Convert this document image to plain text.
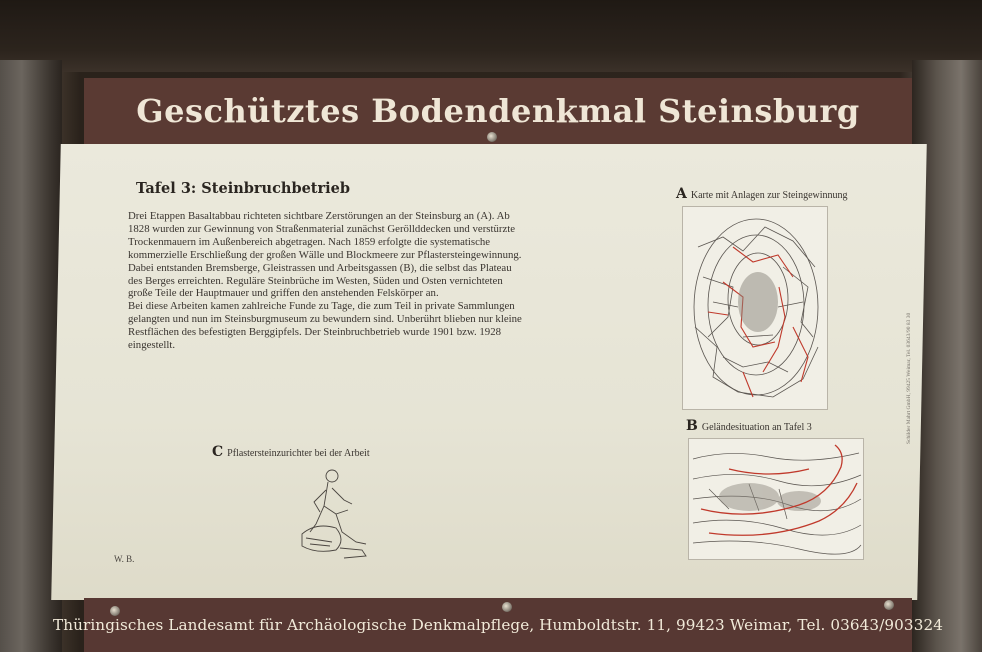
Geschütztes Bodendenkmal Steinsburg
Tafel 3: Steinbruchbetrieb

Drei Etappen Basaltabbau richteten sichtbare Zerstörungen an der Steinsburg an (A). Ab 1828 wurden zur Gewinnung von Straßenmaterial zunächst Geröllddecken und verstürzte Trockenmauern im Außenbereich abgetragen. Nach 1859 erfolgte die systematische kommerzielle Erschließung der großen Wälle und Blockmeere zur Pflastersteingewinnung. Dabei entstanden Bremsberge, Gleistrassen und Arbeitsgassen (B), die selbst das Plateau des Berges erreichten. Reguläre Steinbrüche im Westen, Süden und Osten vernichteten große Teile der Hauptmauer und griffen den anstehenden Felskörper an.

Bei diese Arbeiten kamen zahlreiche Funde zu Tage, die zum Teil in private Sammlungen gelangten und nun im Steinsburgmuseum zu bewundern sind. Unberührt blieben nur kleine Restflächen des befestigten Berggipfels. Der Steinbruchbetrieb wurde 1901 bzw. 1928 eingestellt.

A Karte mit Anlagen zur Steingewinnung
B Geländesituation an Tafel 3
C Pflastersteinzurichter bei der Arbeit
W. B.
Schilder Mahrt GmbH, 99425 Weimar, Tel. 03643/90 83 30
Thüringisches Landesamt für Archäologische Denkmalpflege, Humboldtstr. 11, 99423 Weimar, Tel. 03643/903324
